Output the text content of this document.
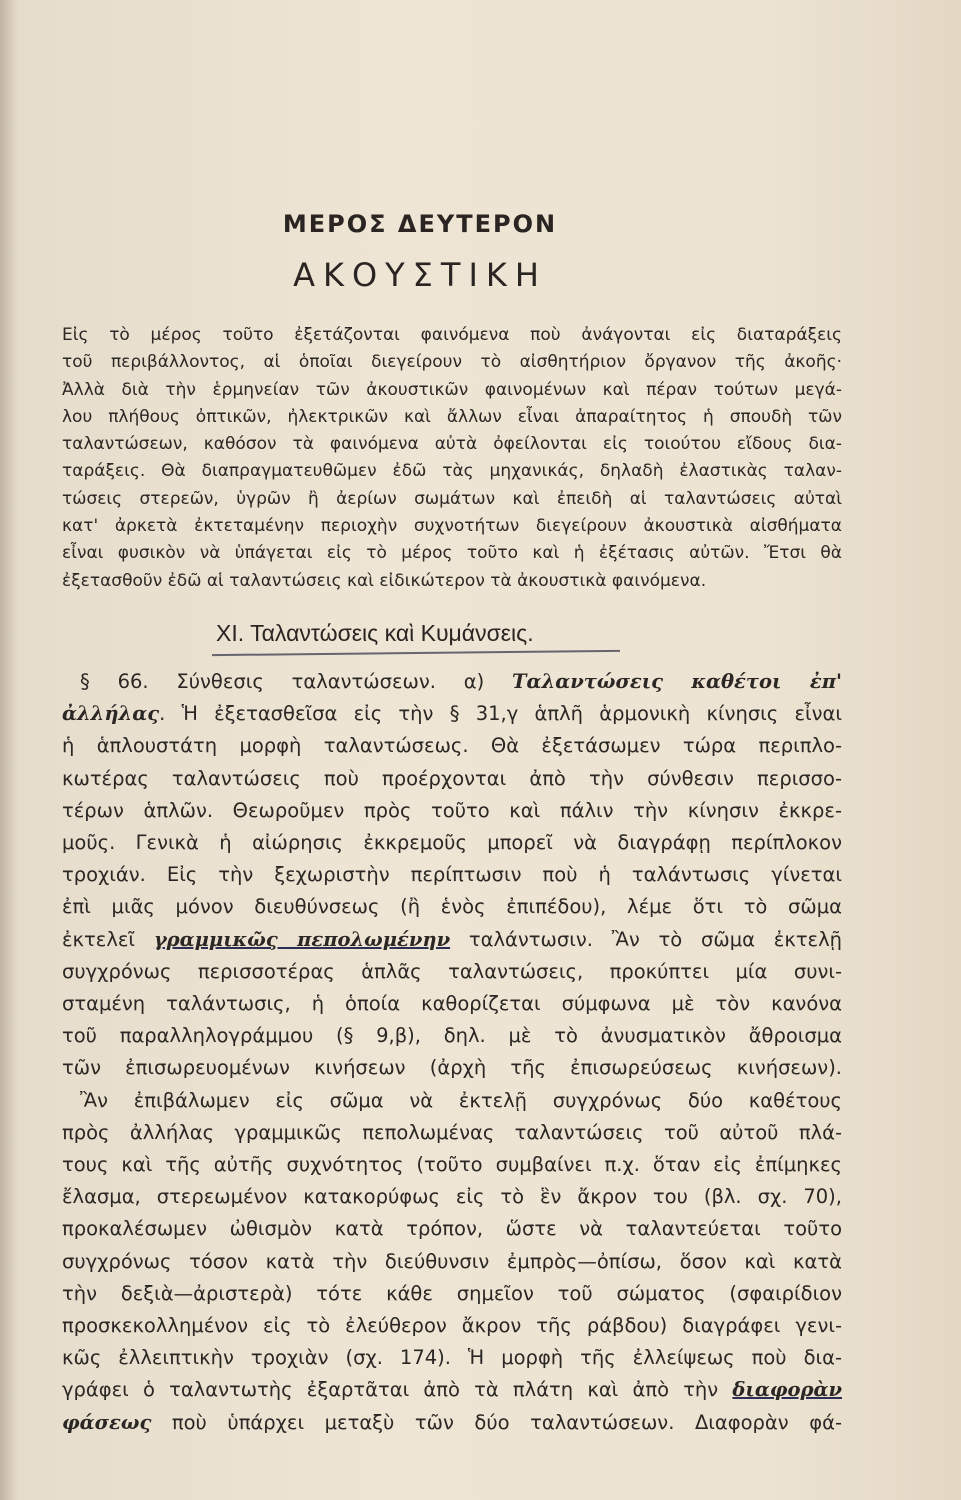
ΜΕΡΟΣ ΔΕΥΤΕΡΟΝ
ΑΚΟΥΣΤΙΚΗ

Εἰς τὸ μέρος τοῦτο ἐξετάζονται φαινόμενα ποὺ ἀνάγονται εἰς διαταράξεις

τοῦ περιβάλλοντος, αἱ ὁποῖαι διεγείρουν τὸ αἰσθητήριον ὄργανον τῆς ἀκοῆς·

Ἀλλὰ διὰ τὴν ἑρμηνείαν τῶν ἀκουστικῶν φαινομένων καὶ πέραν τούτων μεγά-

λου πλήθους ὀπτικῶν, ἠλεκτρικῶν καὶ ἄλλων εἶναι ἀπαραίτητος ἡ σπουδὴ τῶν

ταλαντώσεων, καθόσον τὰ φαινόμενα αὐτὰ ὀφείλονται εἰς τοιούτου εἴδους δια-

ταράξεις. Θὰ διαπραγματευθῶμεν ἐδῶ τὰς μηχανικάς, δηλαδὴ ἐλαστικὰς ταλαν-

τώσεις στερεῶν, ὑγρῶν ἢ ἀερίων σωμάτων καὶ ἐπειδὴ αἱ ταλαντώσεις αὐταὶ

κατ' ἀρκετὰ ἐκτεταμένην περιοχὴν συχνοτήτων διεγείρουν ἀκουστικὰ αἰσθήματα

εἶναι φυσικὸν νὰ ὑπάγεται εἰς τὸ μέρος τοῦτο καὶ ἡ ἐξέτασις αὐτῶν. Ἔτσι θὰ

ἐξετασθοῦν ἐδῶ αἱ ταλαντώσεις καὶ εἰδικώτερον τὰ ἀκουστικὰ φαινόμενα.

ΧΙ. Ταλαντώσεις καὶ Κυμάνσεις.

§ 66. Σύνθεσις ταλαντώσεων. α) Ταλαντώσεις καθέτοι ἐπ'

ἀλλήλας. Ἡ ἐξετασθεῖσα εἰς τὴν § 31,γ ἁπλῆ ἁρμονικὴ κίνησις εἶναι

ἡ ἁπλουστάτη μορφὴ ταλαντώσεως. Θὰ ἐξετάσωμεν τώρα περιπλο-

κωτέρας ταλαντώσεις ποὺ προέρχονται ἀπὸ τὴν σύνθεσιν περισσο-

τέρων ἁπλῶν. Θεωροῦμεν πρὸς τοῦτο καὶ πάλιν τὴν κίνησιν ἐκκρε-

μοῦς. Γενικὰ ἡ αἰώρησις ἐκκρεμοῦς μπορεῖ νὰ διαγράφῃ περίπλοκον

τροχιάν. Εἰς τὴν ξεχωριστὴν περίπτωσιν ποὺ ἡ ταλάντωσις γίνεται

ἐπὶ μιᾶς μόνον διευθύνσεως (ἢ ἑνὸς ἐπιπέδου), λέμε ὅτι τὸ σῶμα

ἐκτελεῖ γραμμικῶς πεπολωμένην ταλάντωσιν. Ἂν τὸ σῶμα ἐκτελῇ

συγχρόνως περισσοτέρας ἁπλᾶς ταλαντώσεις, προκύπτει μία συνι-

σταμένη ταλάντωσις, ἡ ὁποία καθορίζεται σύμφωνα μὲ τὸν κανόνα

τοῦ παραλληλογράμμου (§ 9,β), δηλ. μὲ τὸ ἀνυσματικὸν ἄθροισμα

τῶν ἐπισωρευομένων κινήσεων (ἀρχὴ τῆς ἐπισωρεύσεως κινήσεων).

Ἂν ἐπιβάλωμεν εἰς σῶμα νὰ ἐκτελῇ συγχρόνως δύο καθέτους

πρὸς ἀλλήλας γραμμικῶς πεπολωμένας ταλαντώσεις τοῦ αὐτοῦ πλά-

τους καὶ τῆς αὐτῆς συχνότητος (τοῦτο συμβαίνει π.χ. ὅταν εἰς ἐπίμηκες

ἔλασμα, στερεωμένον κατακορύφως εἰς τὸ ἓν ἄκρον του (βλ. σχ. 70),

προκαλέσωμεν ὠθισμὸν κατὰ τρόπον, ὥστε νὰ ταλαντεύεται τοῦτο

συγχρόνως τόσον κατὰ τὴν διεύθυνσιν ἐμπρὸς—ὀπίσω, ὅσον καὶ κατὰ

τὴν δεξιὰ—ἀριστερὰ) τότε κάθε σημεῖον τοῦ σώματος (σφαιρίδιον

προσκεκολλημένον εἰς τὸ ἐλεύθερον ἄκρον τῆς ράβδου) διαγράφει γενι-

κῶς ἐλλειπτικὴν τροχιὰν (σχ. 174). Ἡ μορφὴ τῆς ἐλλείψεως ποὺ δια-

γράφει ὁ ταλαντωτὴς ἐξαρτᾶται ἀπὸ τὰ πλάτη καὶ ἀπὸ τὴν διαφορὰν

φάσεως ποὺ ὑπάρχει μεταξὺ τῶν δύο ταλαντώσεων. Διαφορὰν φά-
